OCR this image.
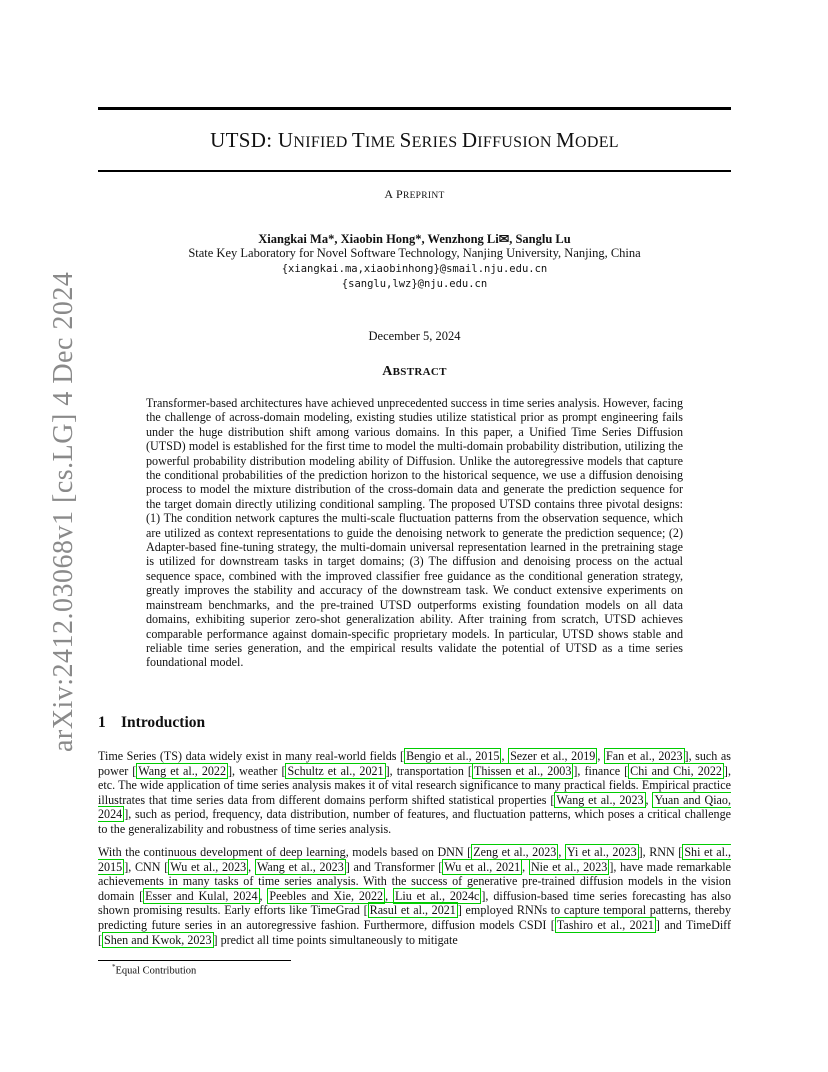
arXiv:2412.03068v1 [cs.LG] 4 Dec 2024
UTSD: UNIFIED TIME SERIES DIFFUSION MODEL
A PREPRINT
Xiangkai Ma*, Xiaobin Hong*, Wenzhong Li✉, Sanglu Lu
State Key Laboratory for Novel Software Technology, Nanjing University, Nanjing, China
{xiangkai.ma,xiaobinhong}@smail.nju.edu.cn
{sanglu,lwz}@nju.edu.cn
December 5, 2024
ABSTRACT
Transformer-based architectures have achieved unprecedented success in time series analysis. However, facing the challenge of across-domain modeling, existing studies utilize statistical prior as prompt engineering fails under the huge distribution shift among various domains. In this paper, a Unified Time Series Diffusion (UTSD) model is established for the first time to model the multi-domain probability distribution, utilizing the powerful probability distribution modeling ability of Diffusion. Unlike the autoregressive models that capture the conditional probabilities of the prediction horizon to the historical sequence, we use a diffusion denoising process to model the mixture distribution of the cross-domain data and generate the prediction sequence for the target domain directly utilizing conditional sampling. The proposed UTSD contains three pivotal designs: (1) The condition network captures the multi-scale fluctuation patterns from the observation sequence, which are utilized as context representations to guide the denoising network to generate the prediction sequence; (2) Adapter-based fine-tuning strategy, the multi-domain universal representation learned in the pretraining stage is utilized for downstream tasks in target domains; (3) The diffusion and denoising process on the actual sequence space, combined with the improved classifier free guidance as the conditional generation strategy, greatly improves the stability and accuracy of the downstream task. We conduct extensive experiments on mainstream benchmarks, and the pre-trained UTSD outperforms existing foundation models on all data domains, exhibiting superior zero-shot generalization ability. After training from scratch, UTSD achieves comparable performance against domain-specific proprietary models. In particular, UTSD shows stable and reliable time series generation, and the empirical results validate the potential of UTSD as a time series foundational model.
1 Introduction
Time Series (TS) data widely exist in many real-world fields [ Bengio et al., 2015 , Sezer et al., 2019 , Fan et al., 2023 ], such as power [ Wang et al., 2022 ], weather [ Schultz et al., 2021 ], transportation [ Thissen et al., 2003 ], finance [ Chi and Chi, 2022 ], etc. The wide application of time series analysis makes it of vital research significance to many practical fields. Empirical practice illustrates that time series data from different domains perform shifted statistical properties [ Wang et al., 2023 , Yuan and Qiao, 2024 ], such as period, frequency, data distribution, number of features, and fluctuation patterns, which poses a critical challenge to the generalizability and robustness of time series analysis.
With the continuous development of deep learning, models based on DNN [ Zeng et al., 2023 , Yi et al., 2023 ], RNN [ Shi et al., 2015 ], CNN [ Wu et al., 2023 , Wang et al., 2023 ] and Transformer [ Wu et al., 2021 , Nie et al., 2023 ], have made remarkable achievements in many tasks of time series analysis. With the success of generative pre-trained diffusion models in the vision domain [ Esser and Kulal, 2024 , Peebles and Xie, 2022 , Liu et al., 2024c ], diffusion-based time series forecasting has also shown promising results. Early efforts like TimeGrad [ Rasul et al., 2021 ] employed RNNs to capture temporal patterns, thereby predicting future series in an autoregressive fashion. Furthermore, diffusion models CSDI [ Tashiro et al., 2021 ] and TimeDiff [ Shen and Kwok, 2023 ] predict all time points simultaneously to mitigate
*Equal Contribution
